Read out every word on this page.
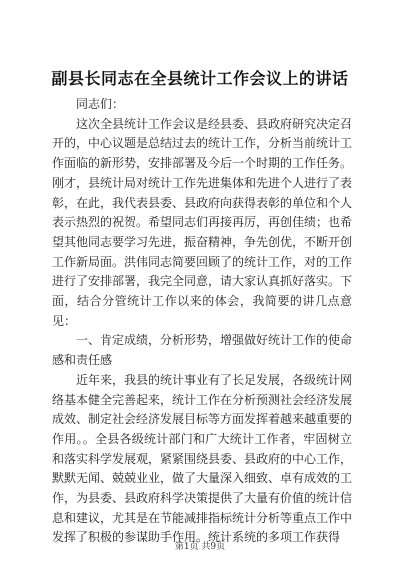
副县长同志在全县统计工作会议上的讲话

同志们：

这次全县统计工作会议是经县委、县政府研究决定召开的，中心议题是总结过去的统计工作，分析当前统计工作面临的新形势，安排部署及今后一个时期的工作任务。刚才，县统计局对统计工作先进集体和先进个人进行了表彰，在此，我代表县委、县政府向获得表彰的单位和个人表示热烈的祝贺。希望同志们再接再厉，再创佳绩；也希望其他同志要学习先进，振奋精神，争先创优，不断开创工作新局面。洪伟同志简要回顾了的统计工作，对的工作进行了安排部署，我完全同意，请大家认真抓好落实。下面，结合分管统计工作以来的体会，我简要的讲几点意见：

一、肯定成绩，分析形势，增强做好统计工作的使命感和责任感

近年来，我县的统计事业有了长足发展，各级统计网络基本健全完善起来，统计工作在分析预测社会经济发展成效、制定社会经济发展目标等方面发挥着越来越重要的作用。。全县各级统计部门和广大统计工作者，牢固树立和落实科学发展观，紧紧围绕县委、县政府的中心工作，默默无闻、兢兢业业，做了大量深入细致、卓有成效的工作，为县委、县政府科学决策提供了大量有价值的统计信息和建议，尤其是在节能减排指标统计分析等重点工作中发挥了积极的参谋助手作用。统计系统的多项工作获得

第1页 共9页
